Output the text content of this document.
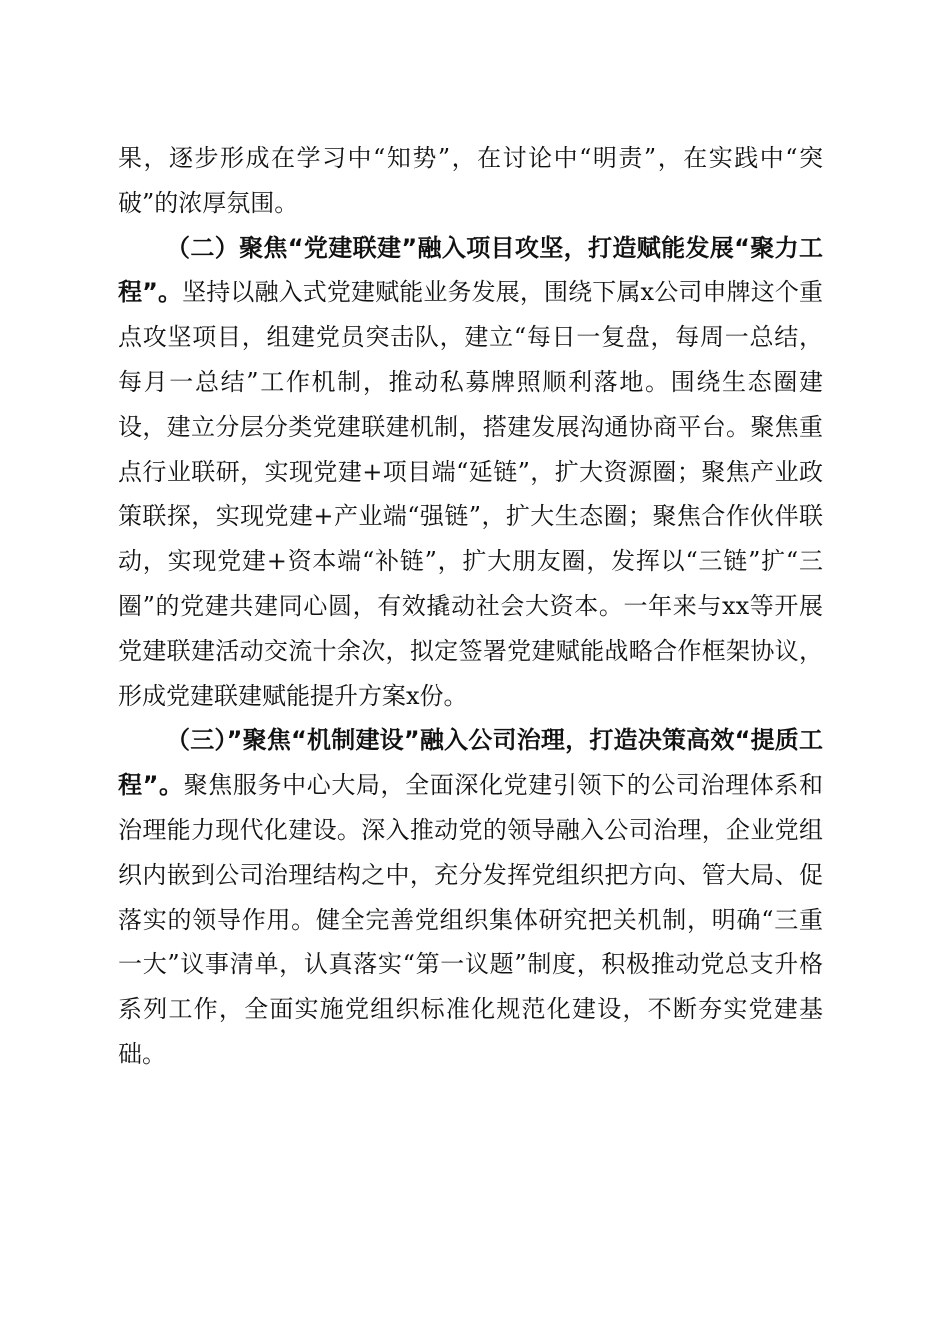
果，逐步形成在学习中“知势”，在讨论中“明责”，在实践中“突破”的浓厚氛围。

（二）聚焦“党建联建”融入项目攻坚，打造赋能发展“聚力工程”。坚持以融入式党建赋能业务发展，围绕下属x公司申牌这个重点攻坚项目，组建党员突击队，建立“每日一复盘，每周一总结，每月一总结”工作机制，推动私募牌照顺利落地。围绕生态圈建设，建立分层分类党建联建机制，搭建发展沟通协商平台。聚焦重点行业联研，实现党建+项目端“延链”，扩大资源圈；聚焦产业政策联探，实现党建+产业端“强链”，扩大生态圈；聚焦合作伙伴联动，实现党建+资本端“补链”，扩大朋友圈，发挥以“三链”扩“三圈”的党建共建同心圆，有效撬动社会大资本。一年来与xx等开展党建联建活动交流十余次，拟定签署党建赋能战略合作框架协议，形成党建联建赋能提升方案x份。

（三）”聚焦“机制建设”融入公司治理，打造决策高效“提质工程”。聚焦服务中心大局，全面深化党建引领下的公司治理体系和治理能力现代化建设。深入推动党的领导融入公司治理，企业党组织内嵌到公司治理结构之中，充分发挥党组织把方向、管大局、促落实的领导作用。健全完善党组织集体研究把关机制，明确“三重一大”议事清单，认真落实“第一议题”制度，积极推动党总支升格系列工作，全面实施党组织标准化规范化建设，不断夯实党建基础。
